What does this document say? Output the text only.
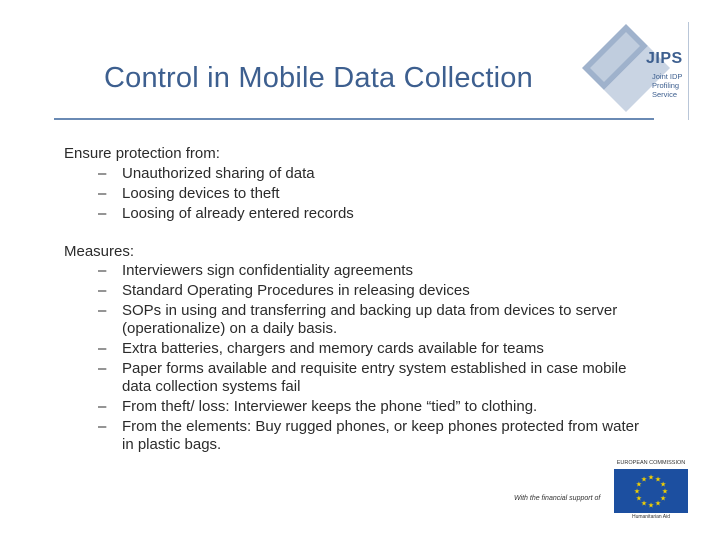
Control in Mobile Data Collection
JIPS
Joint IDP Profiling Service

Ensure protection from:

– Unauthorized sharing of data
– Loosing devices to theft
– Loosing of already entered records

Measures:

– Interviewers sign confidentiality agreements
– Standard Operating Procedures in releasing devices
– SOPs in using and transferring and backing up data from devices to server (operationalize) on a daily basis.
– Extra batteries, chargers and memory cards available for teams
– Paper forms available and requisite entry system established in case mobile data collection systems fail
– From theft/ loss: Interviewer keeps the phone “tied” to clothing.
– From the elements: Buy rugged phones, or keep phones protected from water in plastic bags.
With the financial support of
EUROPEAN COMMISSION
★
★
★
★
★
★
★
★
★ ★ ★
★
Humanitarian Aid
